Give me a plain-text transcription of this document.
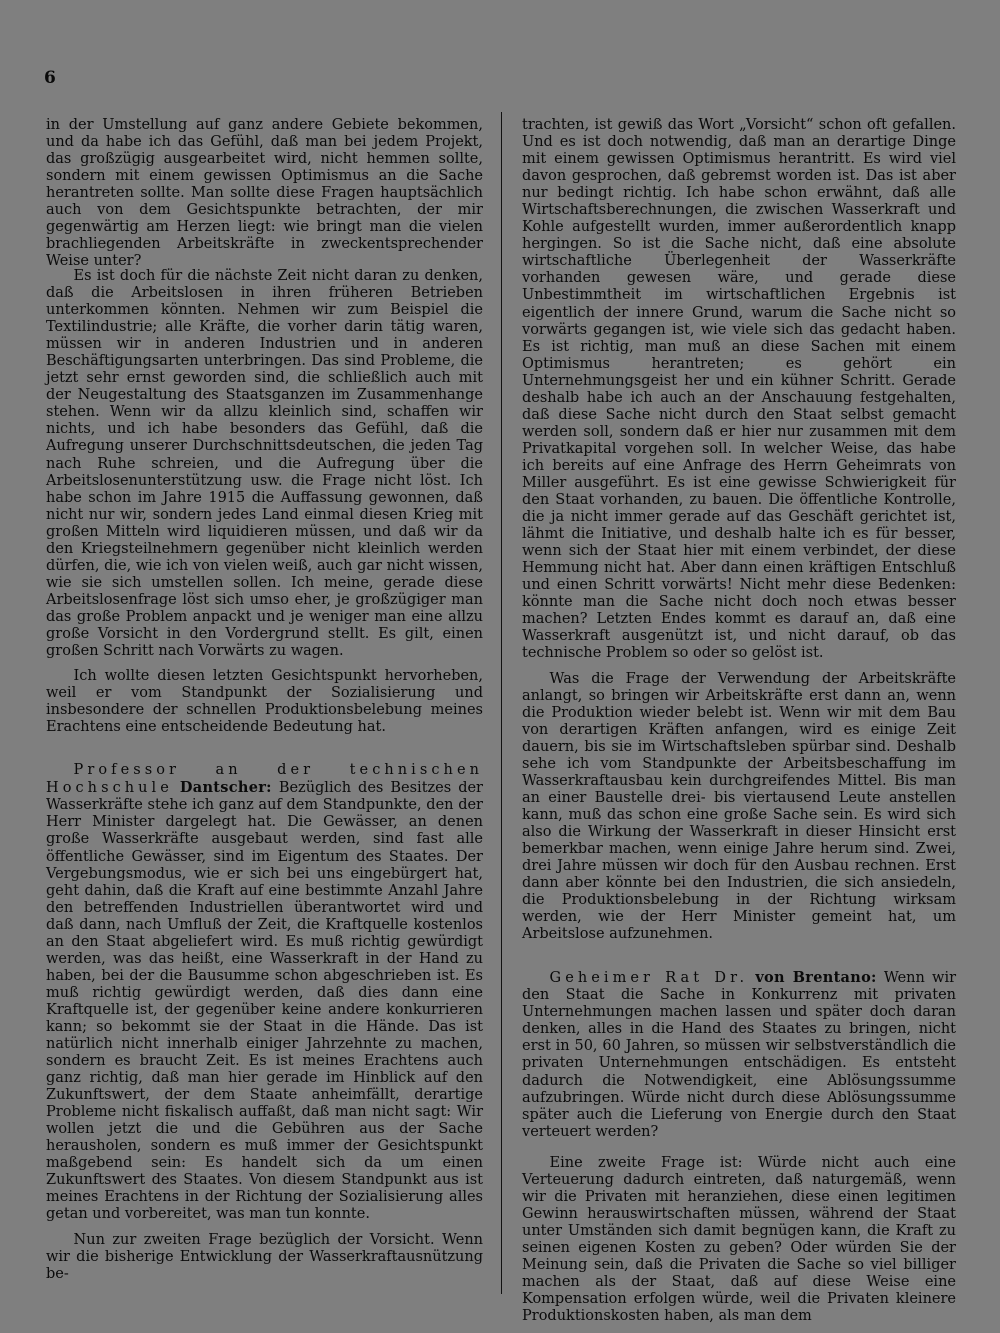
6

in der Umstellung auf ganz andere Gebiete bekommen, und da habe ich das Gefühl, daß man bei jedem Projekt, das großzügig ausgearbeitet wird, nicht hemmen sollte, sondern mit einem gewissen Optimismus an die Sache herantreten sollte. Man sollte diese Fragen hauptsächlich auch von dem Gesichtspunkte betrachten, der mir gegenwärtig am Herzen liegt: wie bringt man die vielen brachliegenden Arbeitskräfte in zweckentsprechender Weise unter?

Es ist doch für die nächste Zeit nicht daran zu denken, daß die Arbeitslosen in ihren früheren Betrieben unterkommen könnten. Nehmen wir zum Beispiel die Textilindustrie; alle Kräfte, die vorher darin tätig waren, müssen wir in anderen Industrien und in anderen Beschäftigungsarten unterbringen. Das sind Probleme, die jetzt sehr ernst geworden sind, die schließlich auch mit der Neugestaltung des Staatsganzen im Zusammenhange stehen. Wenn wir da allzu kleinlich sind, schaffen wir nichts, und ich habe besonders das Gefühl, daß die Aufregung unserer Durchschnittsdeutschen, die jeden Tag nach Ruhe schreien, und die Aufregung über die Arbeitslosenunterstützung usw. die Frage nicht löst. Ich habe schon im Jahre 1915 die Auffassung gewonnen, daß nicht nur wir, sondern jedes Land einmal diesen Krieg mit großen Mitteln wird liquidieren müssen, und daß wir da den Kriegsteilnehmern gegenüber nicht kleinlich werden dürfen, die, wie ich von vielen weiß, auch gar nicht wissen, wie sie sich umstellen sollen. Ich meine, gerade diese Arbeitslosenfrage löst sich umso eher, je großzügiger man das große Problem anpackt und je weniger man eine allzu große Vorsicht in den Vordergrund stellt. Es gilt, einen großen Schritt nach Vorwärts zu wagen.

Ich wollte diesen letzten Gesichtspunkt hervorheben, weil er vom Standpunkt der Sozialisierung und insbesondere der schnellen Produktionsbelebung meines Erachtens eine entscheidende Bedeutung hat.

Professor an der technischen Hochschule Dantscher: Bezüglich des Besitzes der Wasserkräfte stehe ich ganz auf dem Standpunkte, den der Herr Minister dargelegt hat. Die Gewässer, an denen große Wasserkräfte ausgebaut werden, sind fast alle öffentliche Gewässer, sind im Eigentum des Staates. Der Vergebungsmodus, wie er sich bei uns eingebürgert hat, geht dahin, daß die Kraft auf eine bestimmte Anzahl Jahre den betreffenden Industriellen überantwortet wird und daß dann, nach Umfluß der Zeit, die Kraftquelle kostenlos an den Staat abgeliefert wird. Es muß richtig gewürdigt werden, was das heißt, eine Wasserkraft in der Hand zu haben, bei der die Bausumme schon abgeschrieben ist. Es muß richtig gewürdigt werden, daß dies dann eine Kraftquelle ist, der gegenüber keine andere konkurrieren kann; so bekommt sie der Staat in die Hände. Das ist natürlich nicht innerhalb einiger Jahrzehnte zu machen, sondern es braucht Zeit. Es ist meines Erachtens auch ganz richtig, daß man hier gerade im Hinblick auf den Zukunftswert, der dem Staate anheimfällt, derartige Probleme nicht fiskalisch auffaßt, daß man nicht sagt: Wir wollen jetzt die und die Gebühren aus der Sache herausholen, sondern es muß immer der Gesichtspunkt maßgebend sein: Es handelt sich da um einen Zukunftswert des Staates. Von diesem Standpunkt aus ist meines Erachtens in der Richtung der Sozialisierung alles getan und vorbereitet, was man tun konnte.

Nun zur zweiten Frage bezüglich der Vorsicht. Wenn wir die bisherige Entwicklung der Wasserkraftausnützung be-

trachten, ist gewiß das Wort „Vorsicht“ schon oft gefallen. Und es ist doch notwendig, daß man an derartige Dinge mit einem gewissen Optimismus herantritt. Es wird viel davon gesprochen, daß gebremst worden ist. Das ist aber nur bedingt richtig. Ich habe schon erwähnt, daß alle Wirtschaftsberechnungen, die zwischen Wasserkraft und Kohle aufgestellt wurden, immer außerordentlich knapp hergingen. So ist die Sache nicht, daß eine absolute wirtschaftliche Überlegenheit der Wasserkräfte vorhanden gewesen wäre, und gerade diese Unbestimmtheit im wirtschaftlichen Ergebnis ist eigentlich der innere Grund, warum die Sache nicht so vorwärts gegangen ist, wie viele sich das gedacht haben. Es ist richtig, man muß an diese Sachen mit einem Optimismus herantreten; es gehört ein Unternehmungsgeist her und ein kühner Schritt. Gerade deshalb habe ich auch an der Anschauung festgehalten, daß diese Sache nicht durch den Staat selbst gemacht werden soll, sondern daß er hier nur zusammen mit dem Privatkapital vorgehen soll. In welcher Weise, das habe ich bereits auf eine Anfrage des Herrn Geheimrats von Miller ausgeführt. Es ist eine gewisse Schwierigkeit für den Staat vorhanden, zu bauen. Die öffentliche Kontrolle, die ja nicht immer gerade auf das Geschäft gerichtet ist, lähmt die Initiative, und deshalb halte ich es für besser, wenn sich der Staat hier mit einem verbindet, der diese Hemmung nicht hat. Aber dann einen kräftigen Entschluß und einen Schritt vorwärts! Nicht mehr diese Bedenken: könnte man die Sache nicht doch noch etwas besser machen? Letzten Endes kommt es darauf an, daß eine Wasserkraft ausgenützt ist, und nicht darauf, ob das technische Problem so oder so gelöst ist.

Was die Frage der Verwendung der Arbeitskräfte anlangt, so bringen wir Arbeitskräfte erst dann an, wenn die Produktion wieder belebt ist. Wenn wir mit dem Bau von derartigen Kräften anfangen, wird es einige Zeit dauern, bis sie im Wirtschaftsleben spürbar sind. Deshalb sehe ich vom Standpunkte der Arbeitsbeschaffung im Wasserkraftausbau kein durchgreifendes Mittel. Bis man an einer Baustelle drei- bis viertausend Leute anstellen kann, muß das schon eine große Sache sein. Es wird sich also die Wirkung der Wasserkraft in dieser Hinsicht erst bemerkbar machen, wenn einige Jahre herum sind. Zwei, drei Jahre müssen wir doch für den Ausbau rechnen. Erst dann aber könnte bei den Industrien, die sich ansiedeln, die Produktionsbelebung in der Richtung wirksam werden, wie der Herr Minister gemeint hat, um Arbeitslose aufzunehmen.

Geheimer Rat Dr. von Brentano: Wenn wir den Staat die Sache in Konkurrenz mit privaten Unternehmungen machen lassen und später doch daran denken, alles in die Hand des Staates zu bringen, nicht erst in 50, 60 Jahren, so müssen wir selbstverständlich die privaten Unternehmungen entschädigen. Es entsteht dadurch die Notwendigkeit, eine Ablösungssumme aufzubringen. Würde nicht durch diese Ablösungssumme später auch die Lieferung von Energie durch den Staat verteuert werden?

Eine zweite Frage ist: Würde nicht auch eine Verteuerung dadurch eintreten, daß naturgemäß, wenn wir die Privaten mit heranziehen, diese einen legitimen Gewinn herauswirtschaften müssen, während der Staat unter Umständen sich damit begnügen kann, die Kraft zu seinen eigenen Kosten zu geben? Oder würden Sie der Meinung sein, daß die Privaten die Sache so viel billiger machen als der Staat, daß auf diese Weise eine Kompensation erfolgen würde, weil die Privaten kleinere Produktionskosten haben, als man dem
